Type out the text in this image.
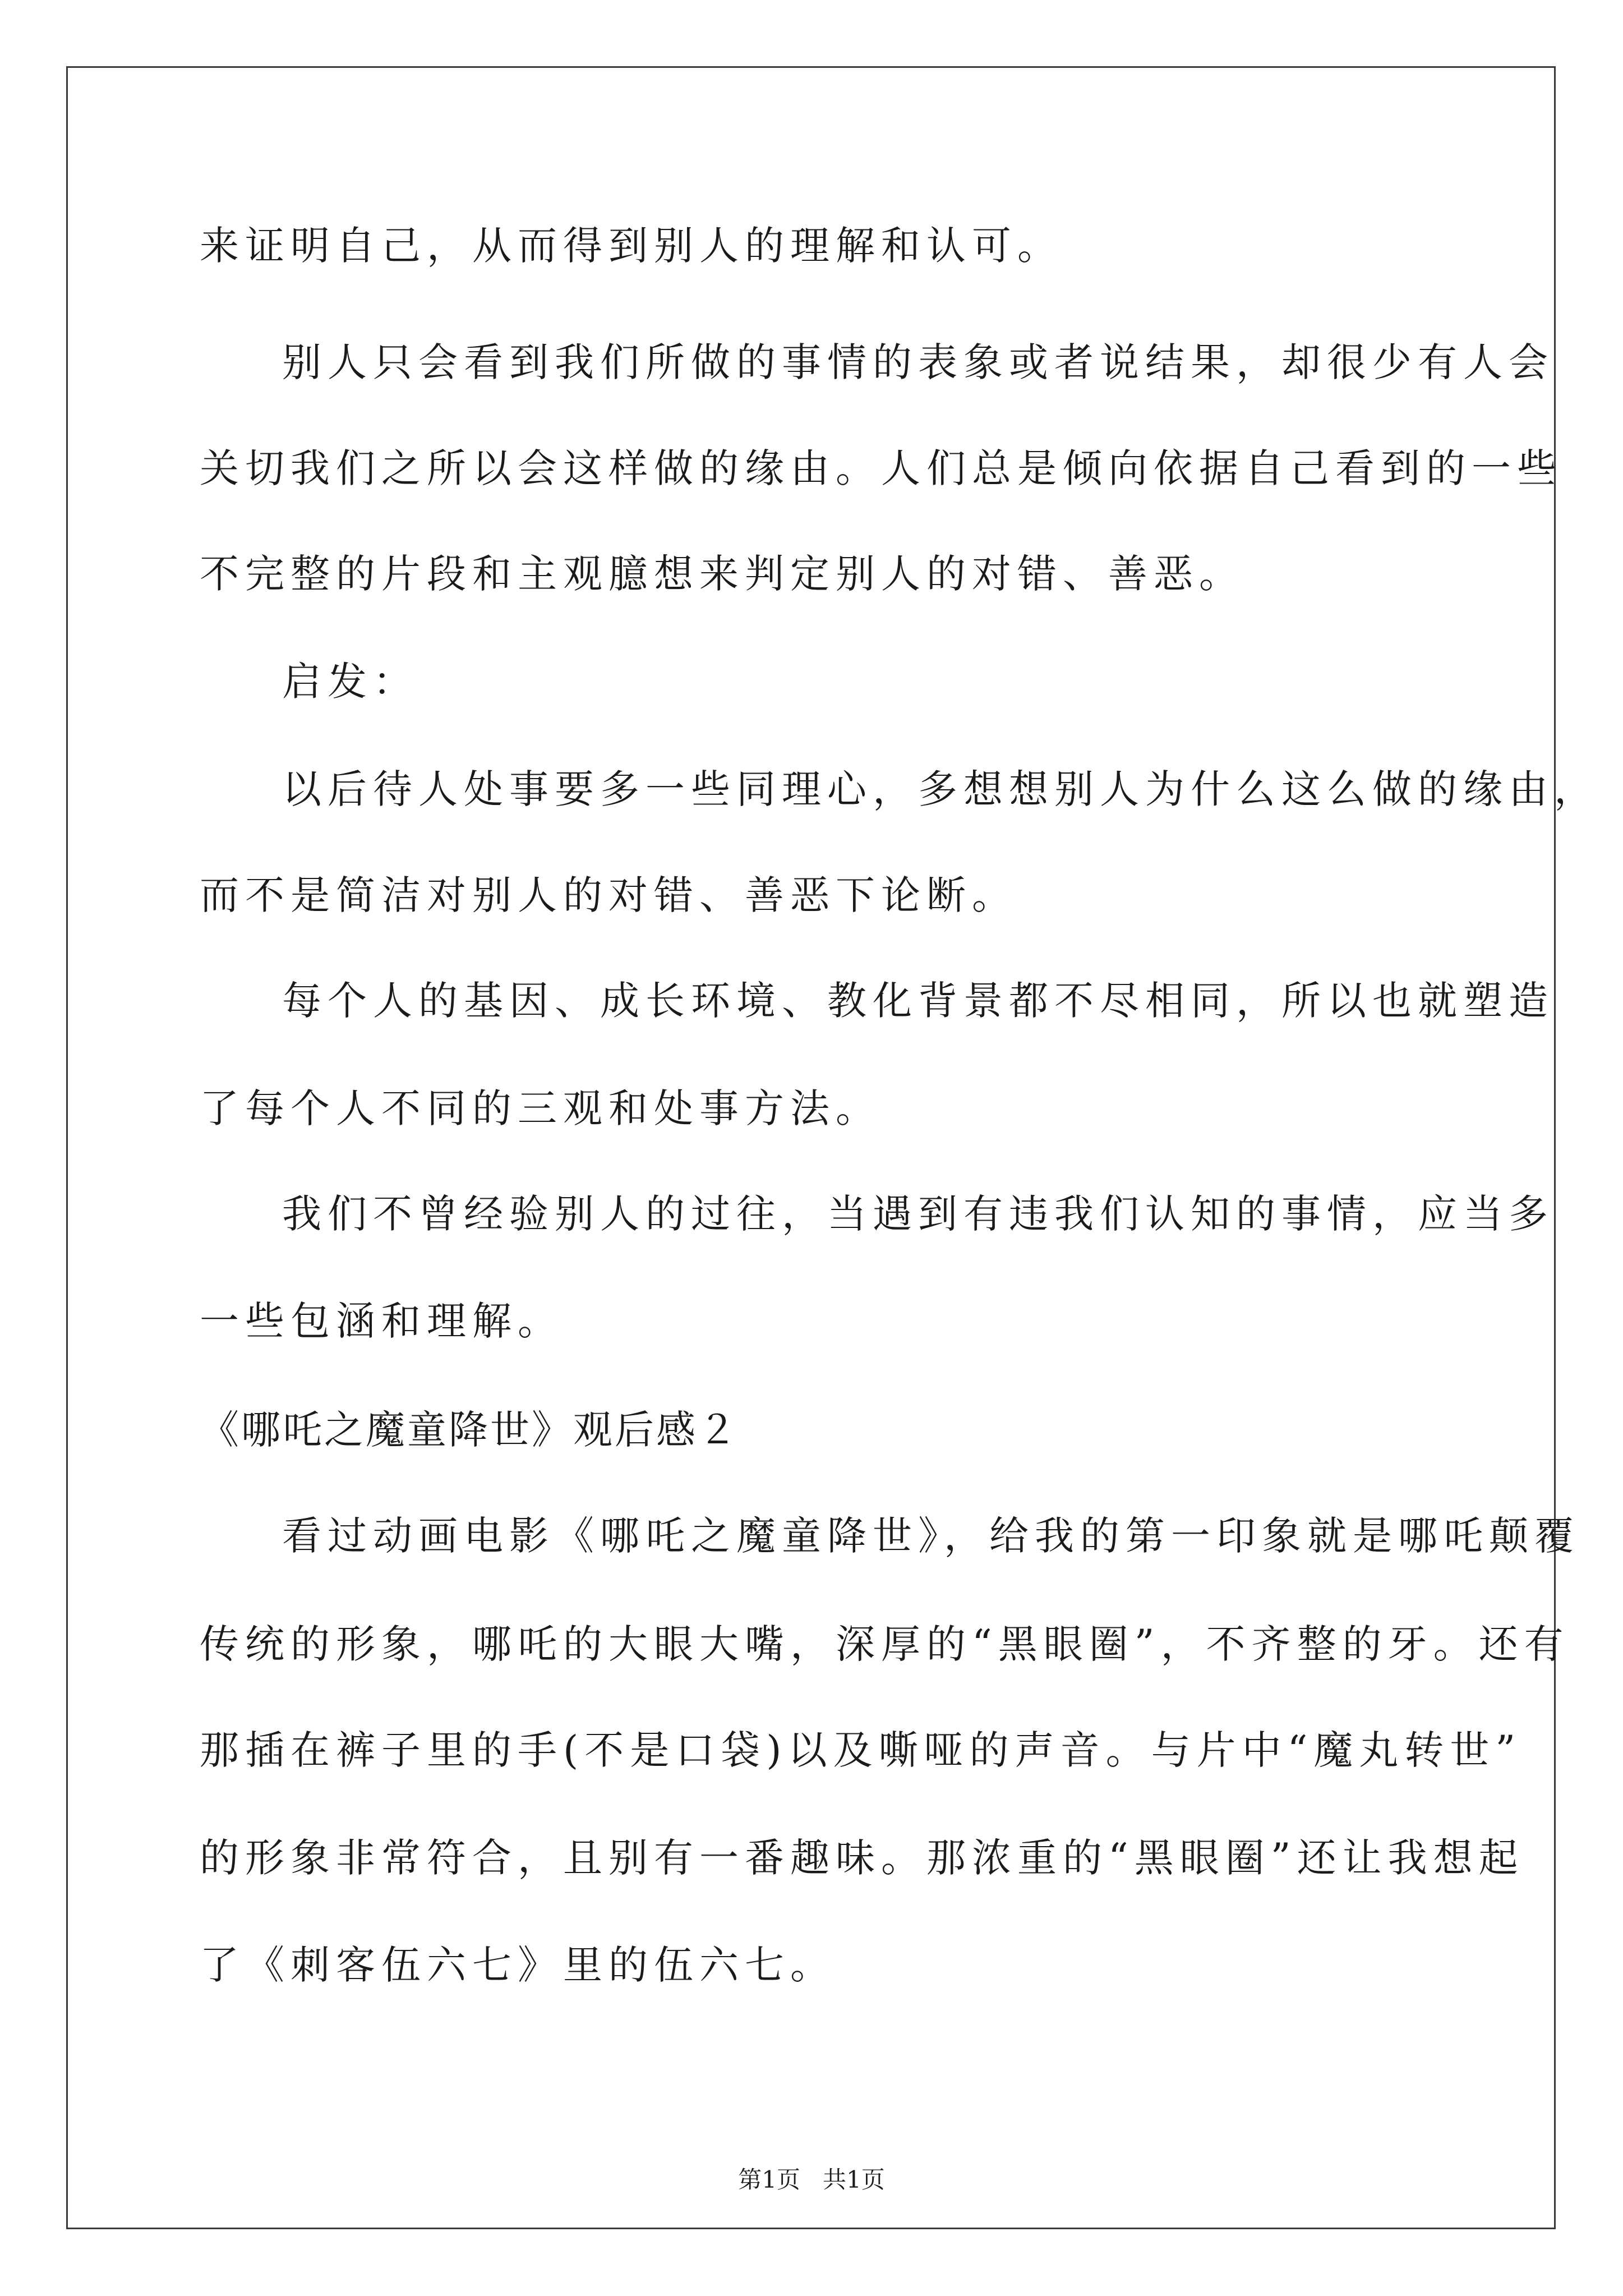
来证明自己，从而得到别人的理解和认可。
别人只会看到我们所做的事情的表象或者说结果，却很少有人会
关切我们之所以会这样做的缘由。人们总是倾向依据自己看到的一些
不完整的片段和主观臆想来判定别人的对错、善恶。
启发：
以后待人处事要多一些同理心，多想想别人为什么这么做的缘由，
而不是简洁对别人的对错、善恶下论断。
每个人的基因、成长环境、教化背景都不尽相同，所以也就塑造
了每个人不同的三观和处事方法。
我们不曾经验别人的过往，当遇到有违我们认知的事情，应当多
一些包涵和理解。
《哪吒之魔童降世》观后感２
看过动画电影《哪吒之魔童降世》，给我的第一印象就是哪吒颠覆
传统的形象，哪吒的大眼大嘴，深厚的“黑眼圈”，不齐整的牙。还有
那插在裤子里的手(不是口袋)以及嘶哑的声音。与片中“魔丸转世”
的形象非常符合，且别有一番趣味。那浓重的“黑眼圈”还让我想起
了《刺客伍六七》里的伍六七。
第1页   共1页
